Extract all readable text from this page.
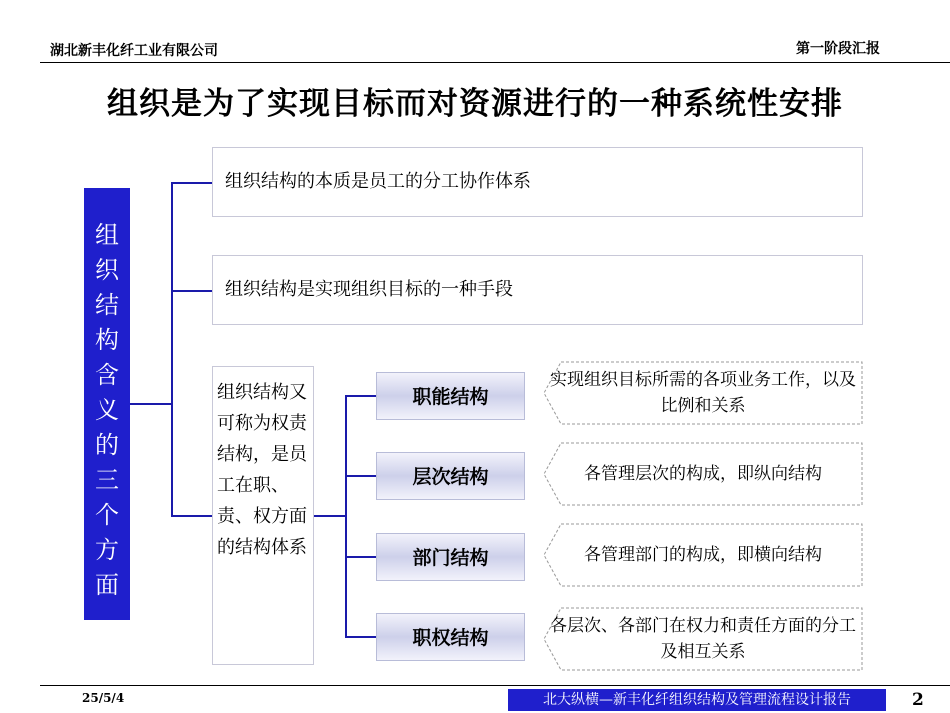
湖北新丰化纤工业有限公司	第一阶段汇报
组织是为了实现目标而对资源进行的一种系统性安排
组
织
结
构
含
义
的
三
个
方
面
组织结构的本质是员工的分工协作体系
组织结构是实现组织目标的一种手段
组织结构又可称为权责结构，是员工在职、责、权方面的结构体系
职能结构
层次结构
部门结构
职权结构
实现组织目标所需的各项业务工作，以及比例和关系
各管理层次的构成，即纵向结构
各管理部门的构成，即横向结构
各层次、各部门在权力和责任方面的分工及相互关系
25/5/4	北大纵横—新丰化纤组织结构及管理流程设计报告	2
